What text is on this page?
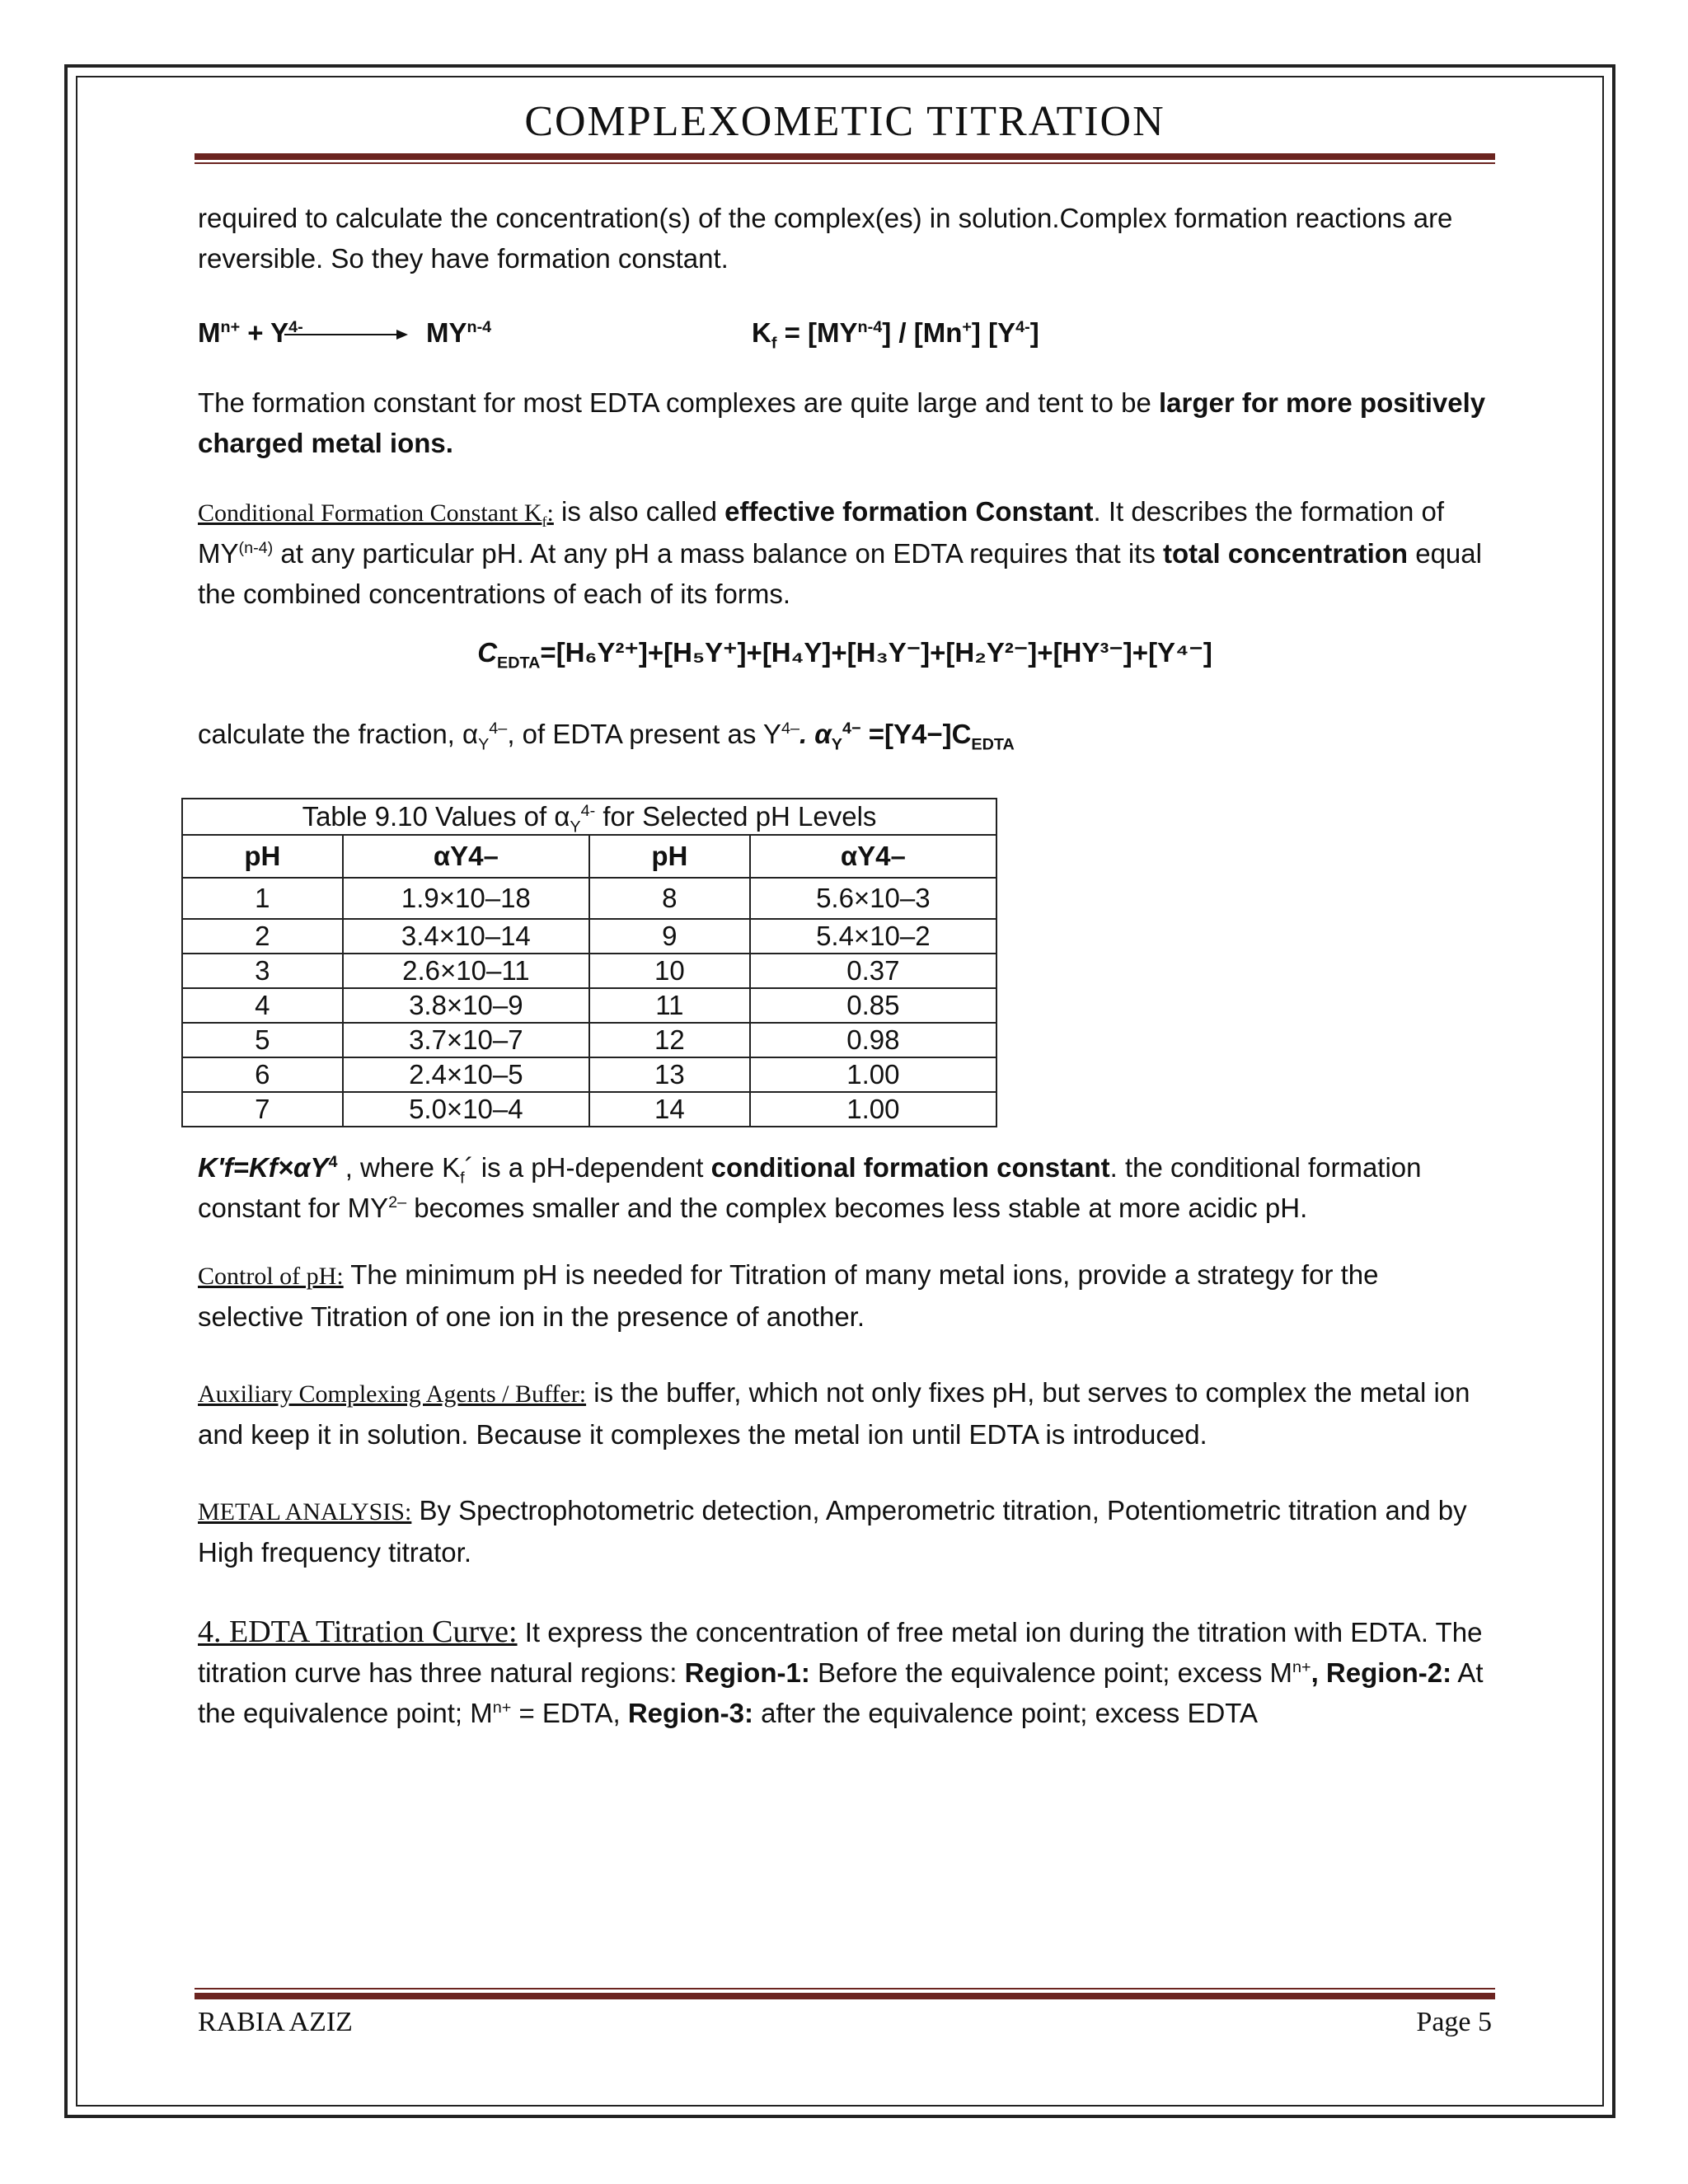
COMPLEXOMETIC TITRATION

required to calculate the concentration(s) of the complex(es) in solution.Complex formation reactions are reversible. So they have formation constant.

$M^{n+} + Y^{4-}$	MY$^{n-4}$	$K_f = [MY^{n-4}] / [Mn^+]$ $[Y^{4-}]$

The formation constant for most EDTA complexes are quite large and tent to be larger for more positively charged metal ions.

Conditional Formation Constant $K_f$: is also called effective formation Constant. It describes the formation of MY$^{(n-4)}$ at any particular pH. At any pH a mass balance on EDTA requires that its total concentration equal the combined concentrations of each of its forms.

$C_{EDTA}=[H_6Y^{2+}]+[H_5Y^+]+[H_4Y]+[H_3Y^-]+[H_2Y^{2-}]+[HY^{3-}]+[Y^{4-}]$

calculate the fraction, $\alpha_Y^{4-}$, of EDTA present as $Y^{4-}$. $\alpha_Y^{4-} =[Y4-]C_{EDTA}$

Table 9.10 Values of $\alpha_Y^{4-}$ for Selected pH Levels			
pH	αY4–	pH	αY4–
1	1.9×10–18	8	5.6×10–3
2	3.4×10–14	9	5.4×10–2
3	2.6×10–11	10	0.37
4	3.8×10–9	11	0.85
5	3.7×10–7	12	0.98
6	2.4×10–5	13	1.00
7	5.0×10–4	14	1.00

$K'f=Kf\times\alpha Y^4$ , where $K_f´$ is a pH-dependent conditional formation constant. the conditional formation constant for $MY^{2-}$ becomes smaller and the complex becomes less stable at more acidic pH.

Control of pH: The minimum pH is needed for Titration of many metal ions, provide a strategy for the selective Titration of one ion in the presence of another.

Auxiliary Complexing Agents / Buffer: is the buffer, which not only fixes pH, but serves to complex the metal ion and keep it in solution. Because it complexes the metal ion until EDTA is introduced.

METAL ANALYSIS: By Spectrophotometric detection, Amperometric titration, Potentiometric titration and by High frequency titrator.

4. EDTA Titration Curve: It express the concentration of free metal ion during the titration with EDTA. The titration curve has three natural regions: Region-1: Before the equivalence point; excess $M^{n+}$, Region-2: At the equivalence point; $M^{n+}$ = EDTA, Region-3: after the equivalence point; excess EDTA

RABIA AZIZ	Page 5
